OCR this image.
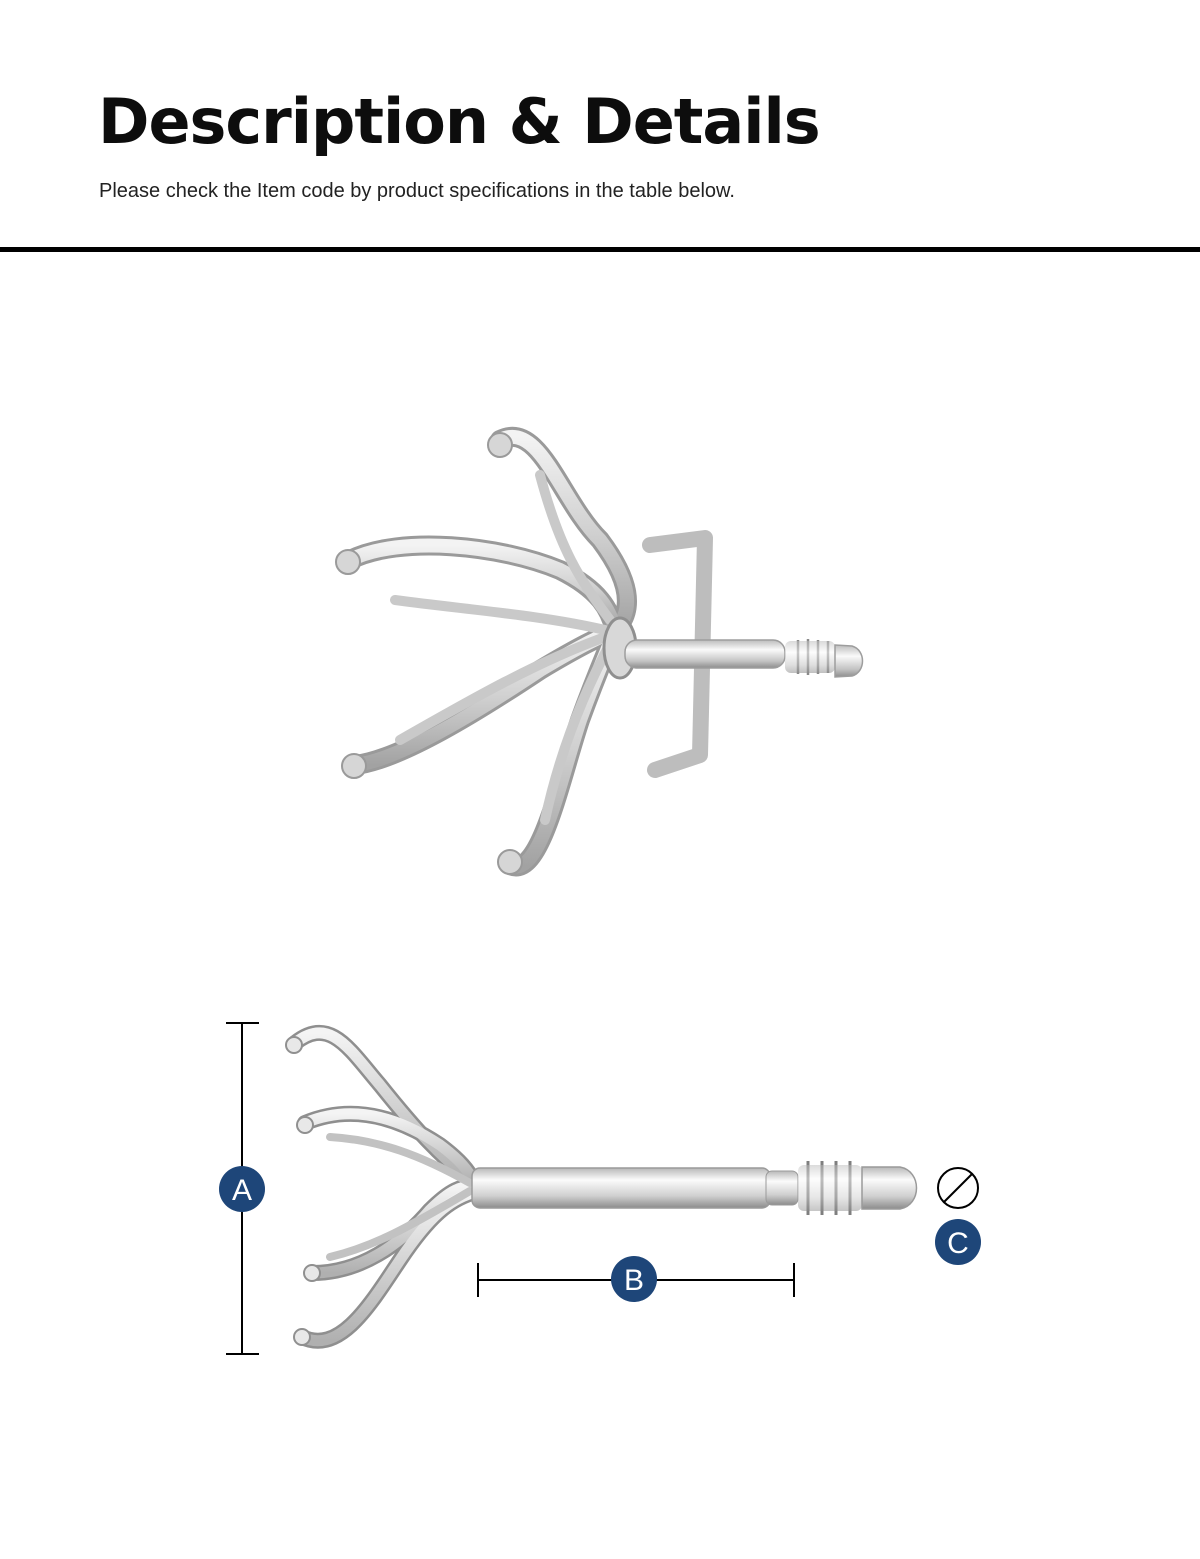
Description & Details

Please check the Item code by product specifications in the table below.

A
B
C
